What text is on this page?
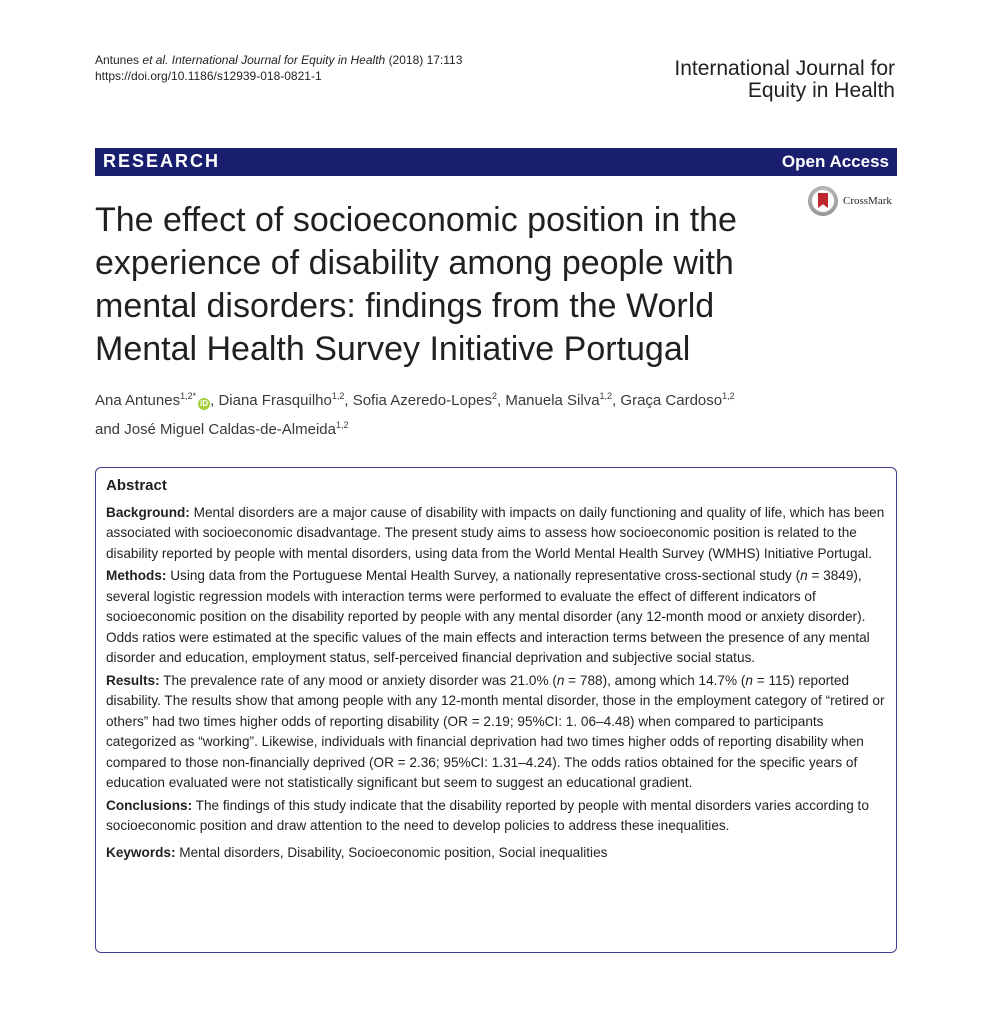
Antunes et al. International Journal for Equity in Health (2018) 17:113
https://doi.org/10.1186/s12939-018-0821-1	International Journal for
Equity in Health
RESEARCH	Open Access
CrossMark
The effect of socioeconomic position in the experience of disability among people with mental disorders: findings from the World Mental Health Survey Initiative Portugal
Ana Antunes$^{1,2*}$iD , Diana Frasquilho$^{1,2}$, Sofia Azeredo-Lopes$^2$, Manuela Silva$^{1,2}$, Graça Cardoso$^{1,2}$
and José Miguel Caldas-de-Almeida$^{1,2}$
Abstract

Background: Mental disorders are a major cause of disability with impacts on daily functioning and quality of life, which has been associated with socioeconomic disadvantage. The present study aims to assess how socioeconomic position is related to the disability reported by people with mental disorders, using data from the World Mental Health Survey (WMHS) Initiative Portugal.

Methods: Using data from the Portuguese Mental Health Survey, a nationally representative cross-sectional study (n = 3849), several logistic regression models with interaction terms were performed to evaluate the effect of different indicators of socioeconomic position on the disability reported by people with any mental disorder (any 12-month mood or anxiety disorder). Odds ratios were estimated at the specific values of the main effects and interaction terms between the presence of any mental disorder and education, employment status, self-perceived financial deprivation and subjective social status.

Results: The prevalence rate of any mood or anxiety disorder was 21.0% (n = 788), among which 14.7% (n = 115) reported disability. The results show that among people with any 12-month mental disorder, those in the employment category of “retired or others” had two times higher odds of reporting disability (OR = 2.19; 95%CI: 1. 06–4.48) when compared to participants categorized as “working”. Likewise, individuals with financial deprivation had two times higher odds of reporting disability when compared to those non-financially deprived (OR = 2.36; 95%CI: 1.31–4.24). The odds ratios obtained for the specific years of education evaluated were not statistically significant but seem to suggest an educational gradient.

Conclusions: The findings of this study indicate that the disability reported by people with mental disorders varies according to socioeconomic position and draw attention to the need to develop policies to address these inequalities.

Keywords: Mental disorders, Disability, Socioeconomic position, Social inequalities
